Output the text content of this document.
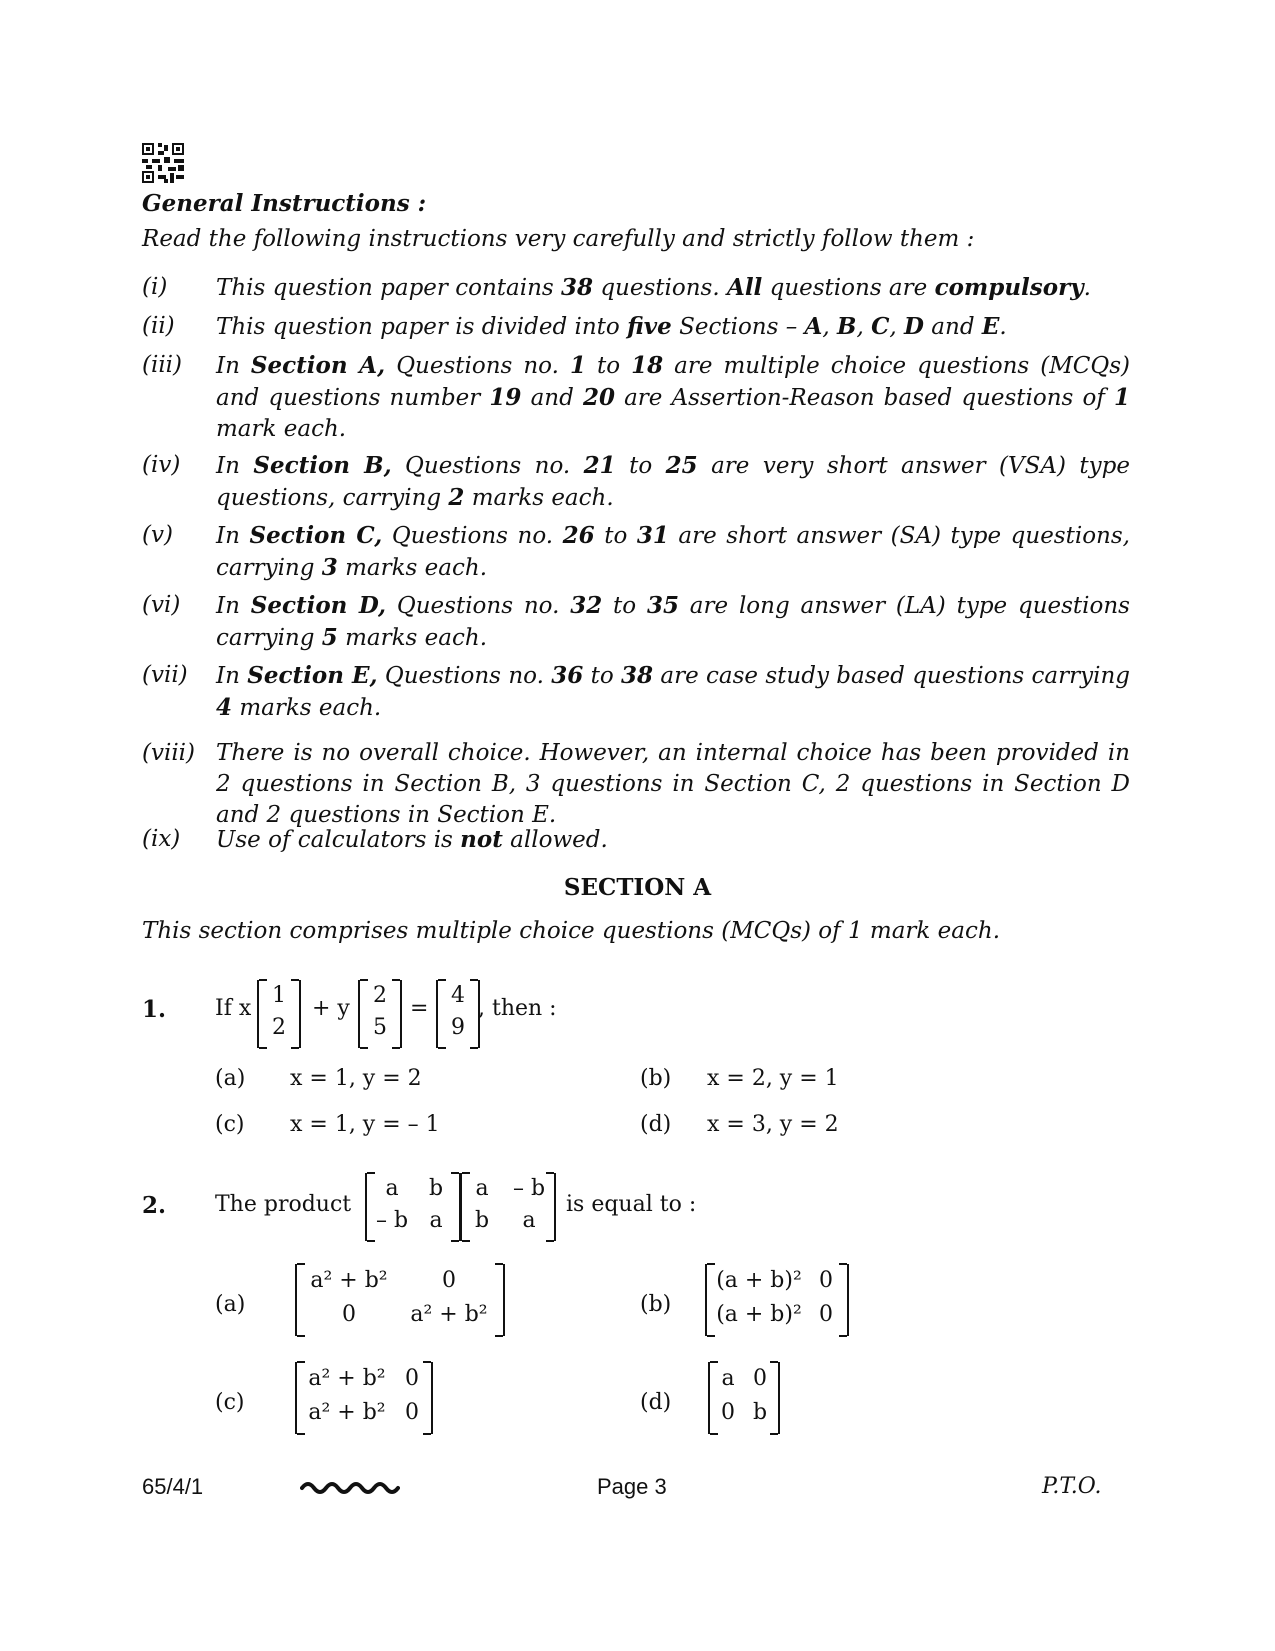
General Instructions :
Read the following instructions very carefully and strictly follow them :
(i) This question paper contains 38 questions. All questions are compulsory.
(ii) This question paper is divided into five Sections – A, B, C, D and E.
(iii) In Section A, Questions no. 1 to 18 are multiple choice questions (MCQs) and questions number 19 and 20 are Assertion-Reason based questions of 1 mark each.
(iv) In Section B, Questions no. 21 to 25 are very short answer (VSA) type questions, carrying 2 marks each.
(v) In Section C, Questions no. 26 to 31 are short answer (SA) type questions, carrying 3 marks each.
(vi) In Section D, Questions no. 32 to 35 are long answer (LA) type questions carrying 5 marks each.
(vii) In Section E, Questions no. 36 to 38 are case study based questions carrying 4 marks each.
(viii) There is no overall choice. However, an internal choice has been provided in 2 questions in Section B, 3 questions in Section C, 2 questions in Section D and 2 questions in Section E.
(ix) Use of calculators is not allowed.
SECTION A
This section comprises multiple choice questions (MCQs) of 1 mark each.
1. If x
1
2
+ y
2
5
=
4
9
, then :
(a) x = 1, y = 2	(b) x = 2, y = 1
(c) x = 1, y = – 1	(d) x = 3, y = 2
2. The product
a	b
– b a
a	– b
b	a
is equal to :
(a)
a² + b²	0
0	a² + b²	(b)
(a + b)² 0
(a + b)² 0
(c)
a² + b² 0
a² + b² 0	(d)
a 0
0 b
65/4/1	Page 3	P.T.O.
